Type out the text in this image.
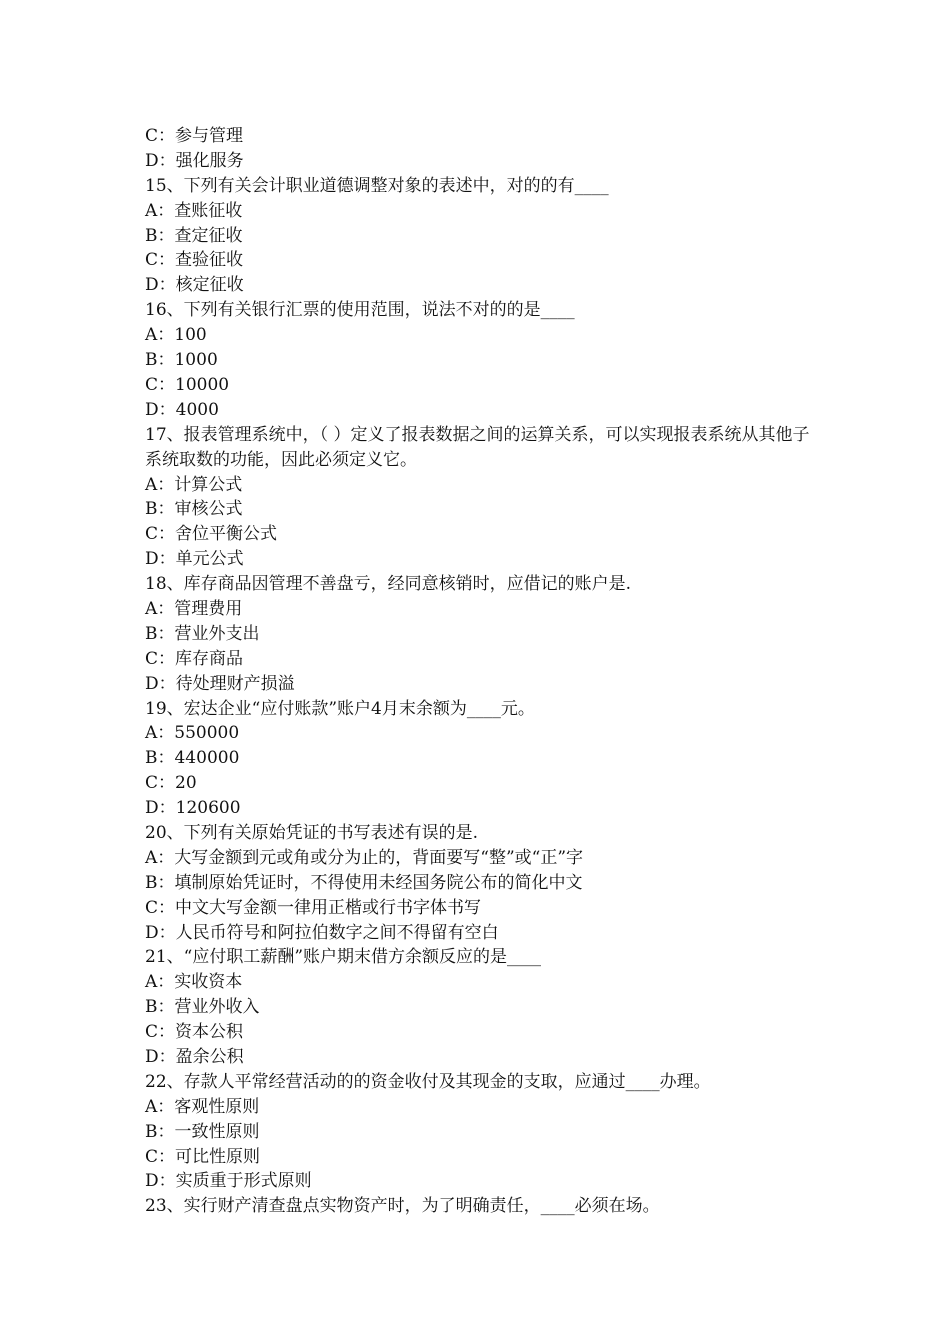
C：参与管理
D：强化服务
15、下列有关会计职业道德调整对象的表述中，对的的有____
A：查账征收
B：查定征收
C：查验征收
D：核定征收
16、下列有关银行汇票的使用范围，说法不对的的是____
A：100
B：1000
C：10000
D：4000
17、报表管理系统中，（ ）定义了报表数据之间的运算关系，可以实现报表系统从其他子系统取数的功能，因此必须定义它。
A：计算公式
B：审核公式
C：舍位平衡公式
D：单元公式
18、库存商品因管理不善盘亏，经同意核销时，应借记的账户是.
A：管理费用
B：营业外支出
C：库存商品
D：待处理财产损溢
19、宏达企业“应付账款”账户4月末余额为____元。
A：550000
B：440000
C：20
D：120600
20、下列有关原始凭证的书写表述有误的是.
A：大写金额到元或角或分为止的，背面要写“整”或“正”字
B：填制原始凭证时，不得使用未经国务院公布的简化中文
C：中文大写金额一律用正楷或行书字体书写
D：人民币符号和阿拉伯数字之间不得留有空白
21、“应付职工薪酬”账户期末借方余额反应的是____
A：实收资本
B：营业外收入
C：资本公积
D：盈余公积
22、存款人平常经营活动的的资金收付及其现金的支取，应通过____办理。
A：客观性原则
B：一致性原则
C：可比性原则
D：实质重于形式原则
23、实行财产清查盘点实物资产时，为了明确责任，____必须在场。
